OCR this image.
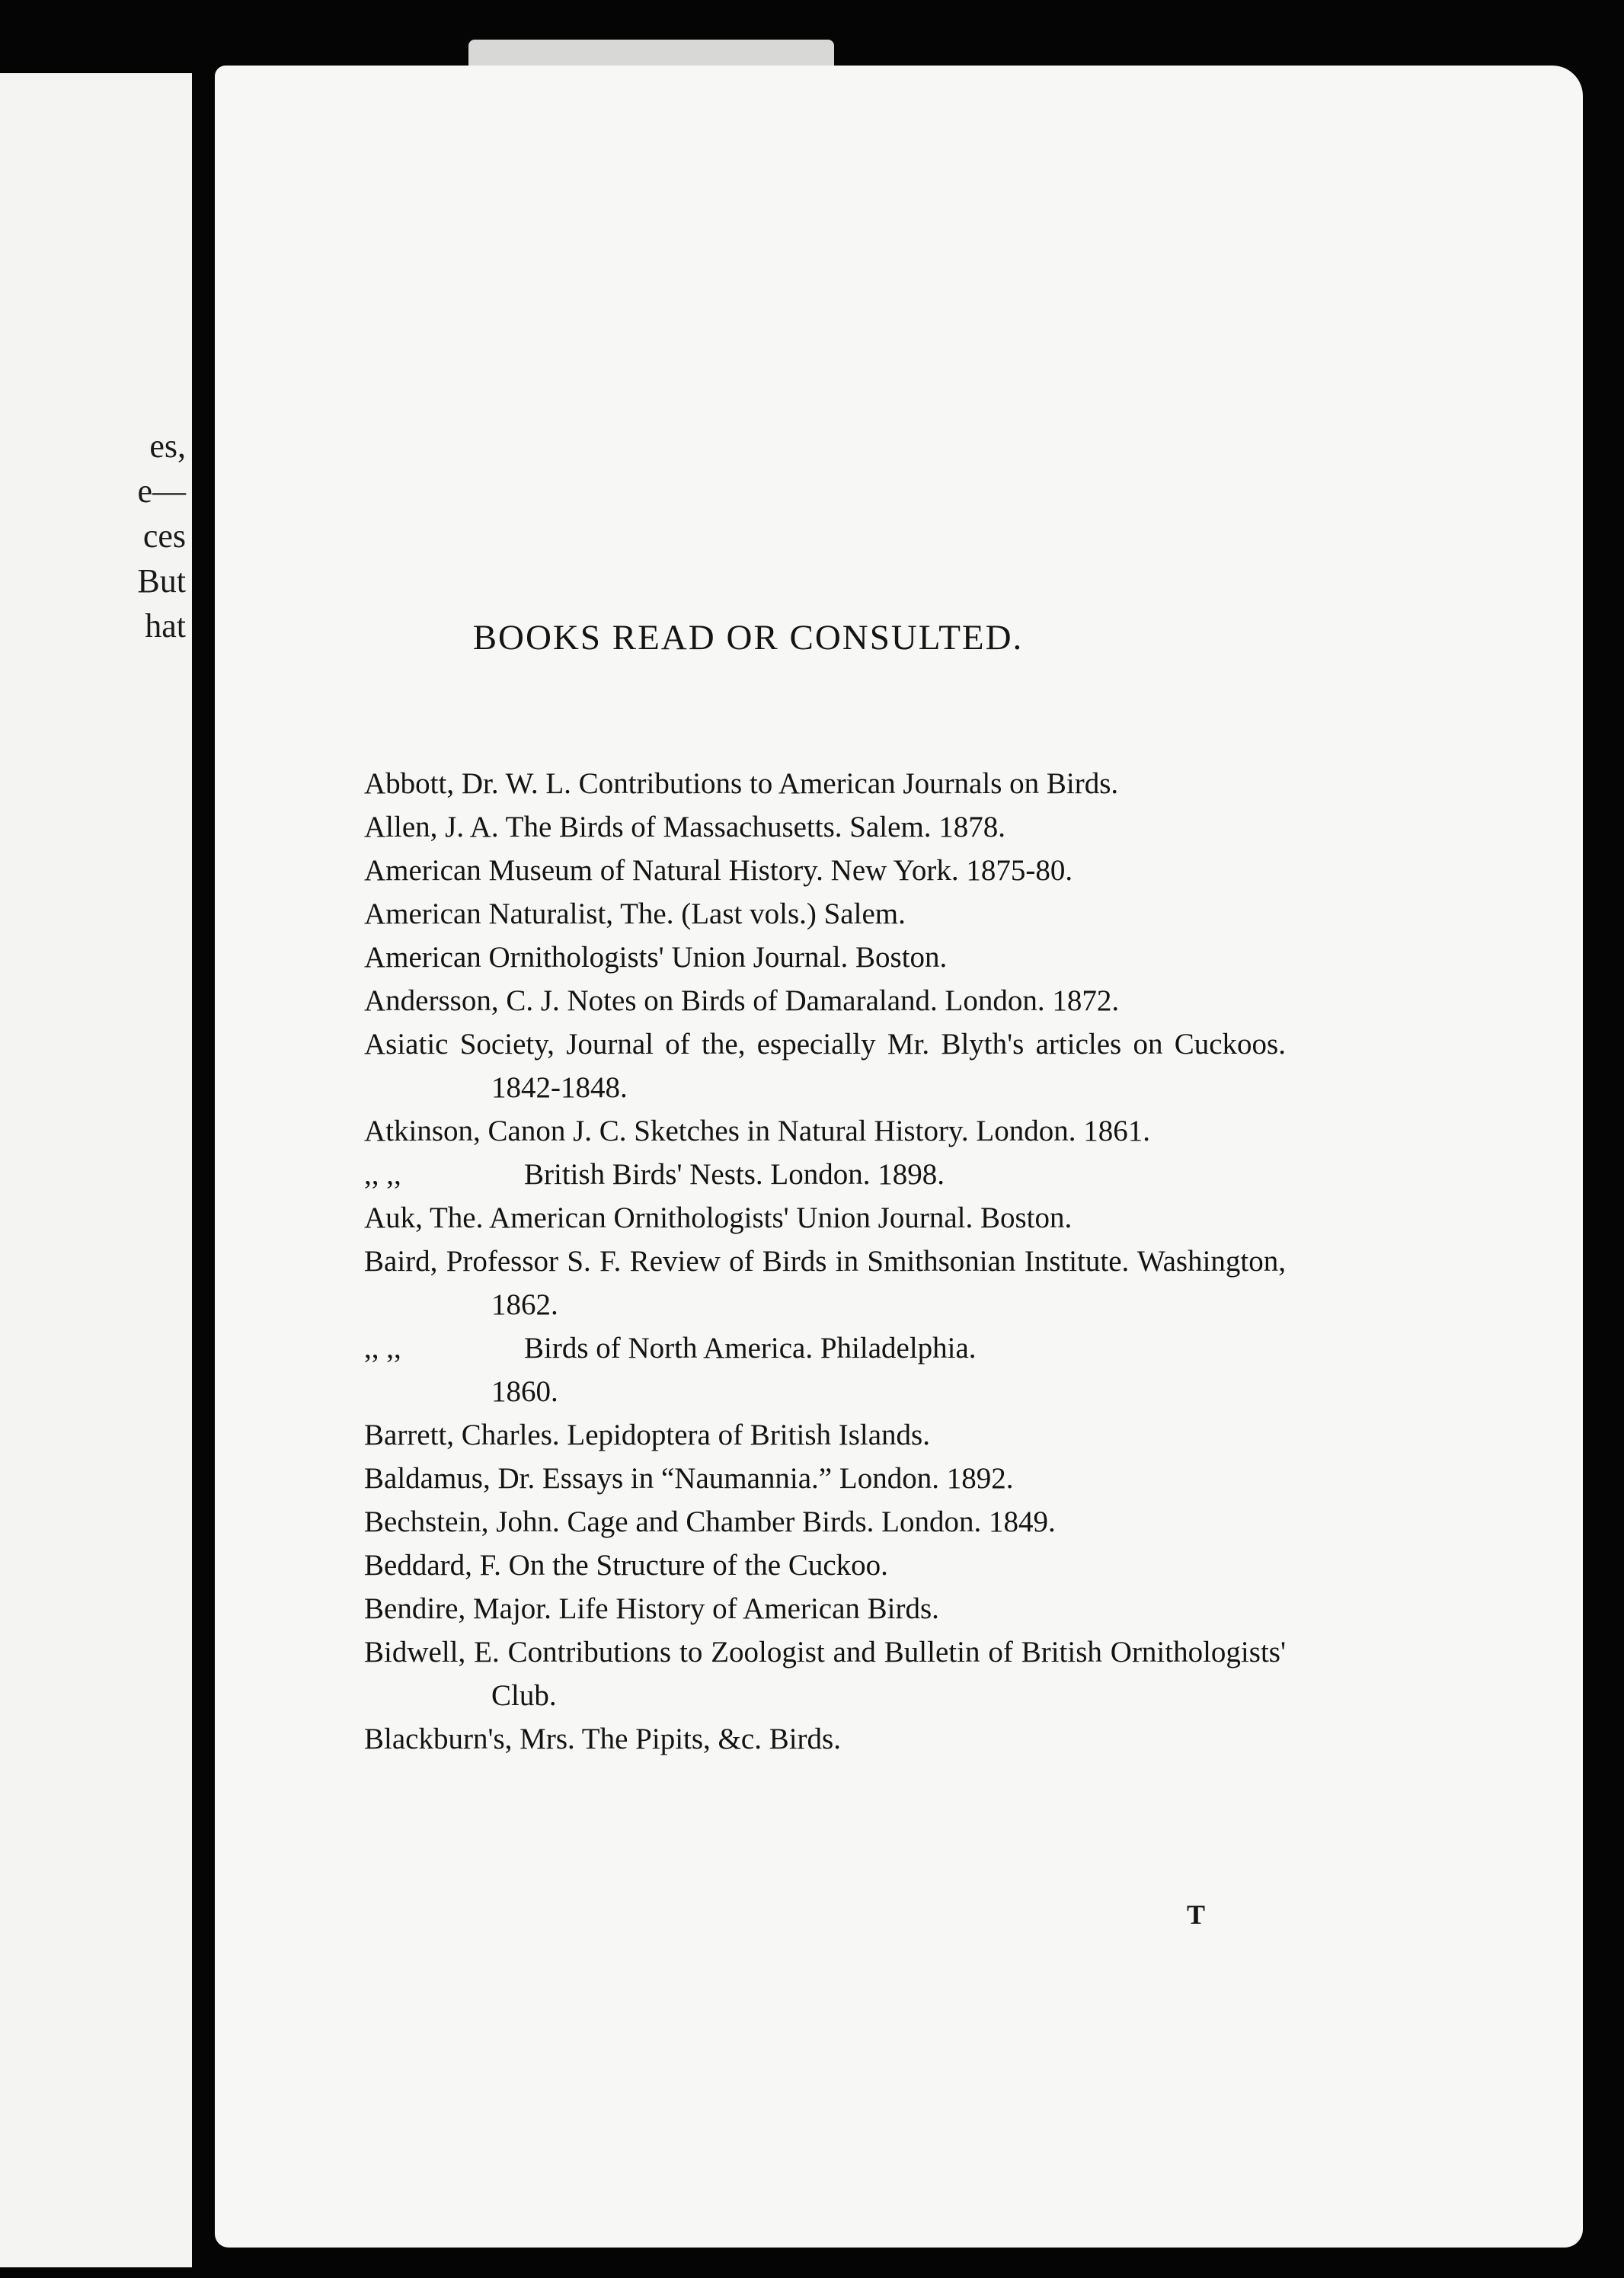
es,
e—
ces
But
hat	BOOKS READ OR CONSULTED.
Abbott, Dr. W. L. Contributions to American Journals on Birds.
Allen, J. A. The Birds of Massachusetts. Salem. 1878.
American Museum of Natural History. New York. 1875-80.
American Naturalist, The. (Last vols.) Salem.
American Ornithologists' Union Journal. Boston.
Andersson, C. J. Notes on Birds of Damaraland. London. 1872.
Asiatic Society, Journal of the, especially Mr. Blyth's articles on Cuckoos. 1842-1848.
Atkinson, Canon J. C. Sketches in Natural History. London. 1861.
,, ,,	British Birds' Nests. London. 1898.
Auk, The. American Ornithologists' Union Journal. Boston.
Baird, Professor S. F. Review of Birds in Smithsonian Institute. Washington, 1862.
,, ,,	Birds of North America. Philadelphia.
1860.
Barrett, Charles. Lepidoptera of British Islands.
Baldamus, Dr. Essays in “Naumannia.” London. 1892.
Bechstein, John. Cage and Chamber Birds. London. 1849.
Beddard, F. On the Structure of the Cuckoo.
Bendire, Major. Life History of American Birds.
Bidwell, E. Contributions to Zoologist and Bulletin of British Ornithologists' Club.
Blackburn's, Mrs. The Pipits, &c. Birds.
T
